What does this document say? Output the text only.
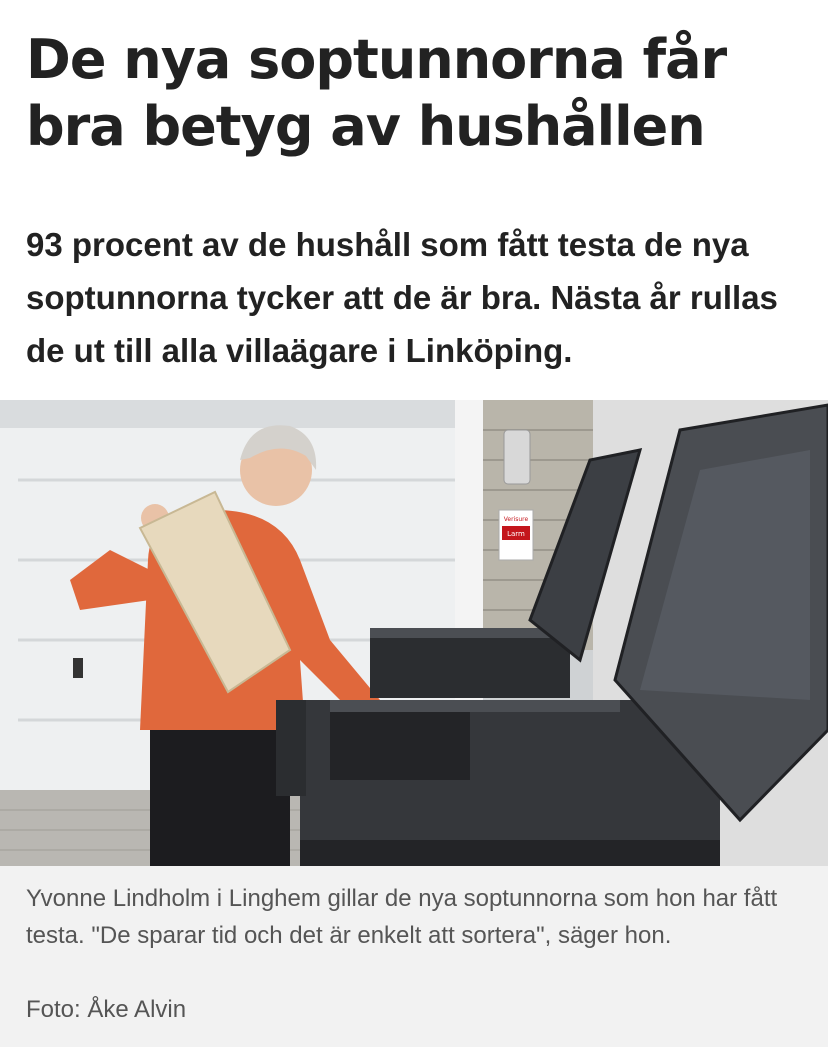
De nya soptunnorna får bra betyg av hushållen

93 procent av de hushåll som fått testa de nya soptunnorna tycker att de är bra. Nästa år rullas de ut till alla villaägare i Linköping.

Verisure
Larm

Yvonne Lindholm i Linghem gillar de nya soptunnorna som hon har fått testa. "De sparar tid och det är enkelt att sortera", säger hon.

Foto: Åke Alvin
